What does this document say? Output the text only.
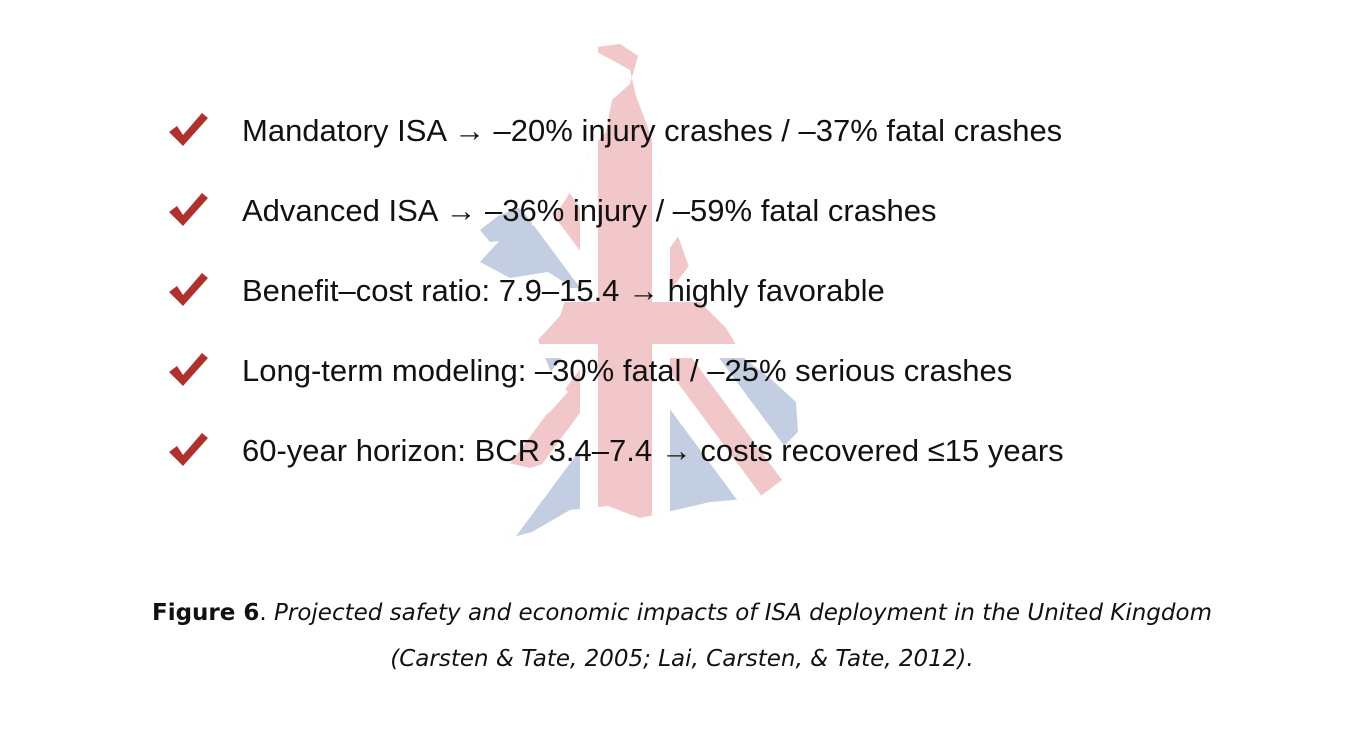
Mandatory ISA → –20% injury crashes / –37% fatal crashes
Advanced ISA → –36% injury / –59% fatal crashes
Benefit–cost ratio: 7.9–15.4 → highly favorable
Long-term modeling: –30% fatal / –25% serious crashes
60-year horizon: BCR 3.4–7.4 → costs recovered ≤15 years
Figure 6. Projected safety and economic impacts of ISA deployment in the United Kingdom
(Carsten & Tate, 2005; Lai, Carsten, & Tate, 2012).
